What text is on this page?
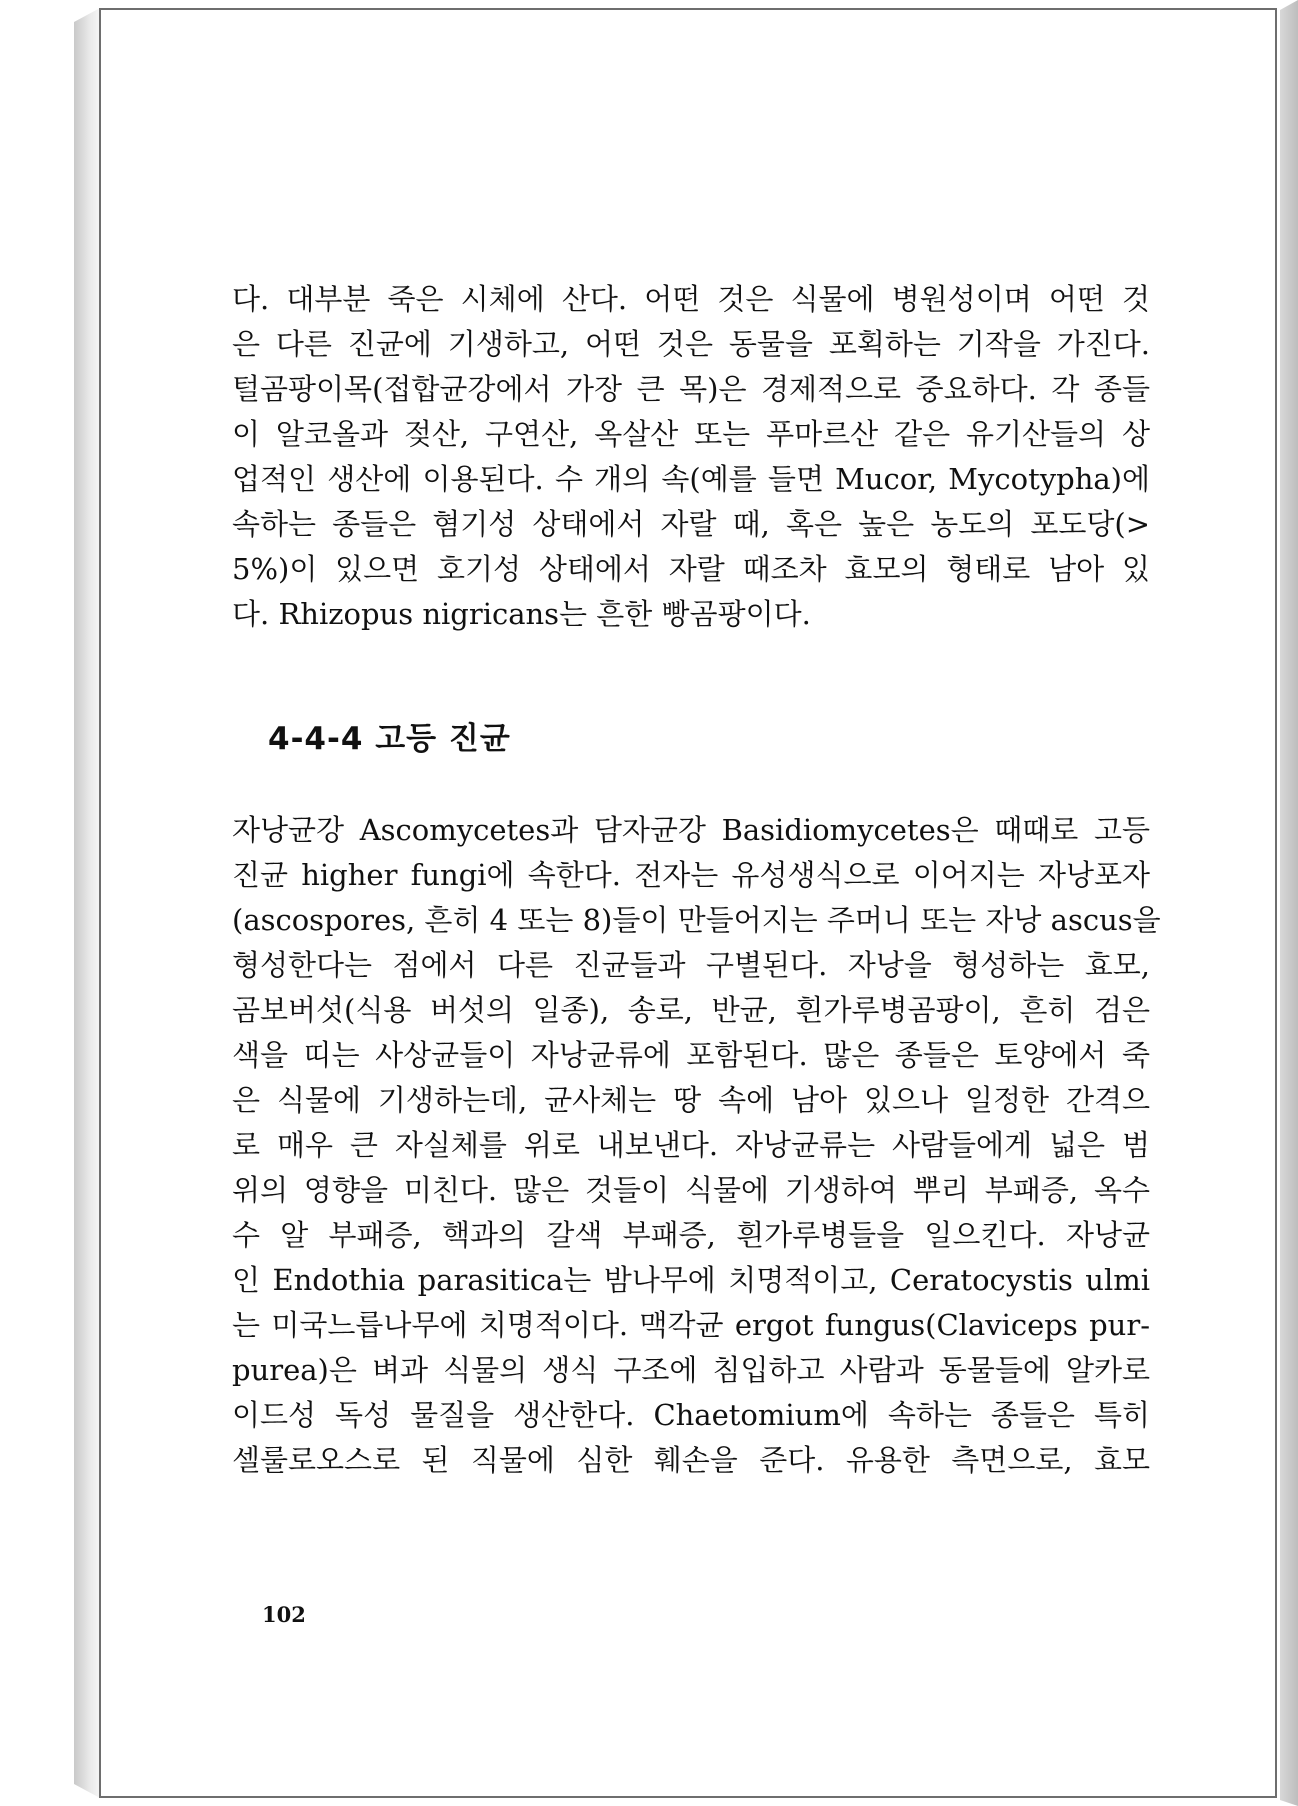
다. 대부분 죽은 시체에 산다. 어떤 것은 식물에 병원성이며 어떤 것
은 다른 진균에 기생하고, 어떤 것은 동물을 포획하는 기작을 가진다.
털곰팡이목(접합균강에서 가장 큰 목)은 경제적으로 중요하다. 각 종들
이 알코올과 젖산, 구연산, 옥살산 또는 푸마르산 같은 유기산들의 상
업적인 생산에 이용된다. 수 개의 속(예를 들면 Mucor, Mycotypha)에
속하는 종들은 혐기성 상태에서 자랄 때, 혹은 높은 농도의 포도당(>
5%)이 있으면 호기성 상태에서 자랄 때조차 효모의 형태로 남아 있
다. Rhizopus nigricans는 흔한 빵곰팡이다.
4-4-4 고등 진균
자낭균강 Ascomycetes과 담자균강 Basidiomycetes은 때때로 고등
진균 higher fungi에 속한다. 전자는 유성생식으로 이어지는 자낭포자
(ascospores, 흔히 4 또는 8)들이 만들어지는 주머니 또는 자낭 ascus을
형성한다는 점에서 다른 진균들과 구별된다. 자낭을 형성하는 효모,
곰보버섯(식용 버섯의 일종), 송로, 반균, 흰가루병곰팡이, 흔히 검은
색을 띠는 사상균들이 자낭균류에 포함된다. 많은 종들은 토양에서 죽
은 식물에 기생하는데, 균사체는 땅 속에 남아 있으나 일정한 간격으
로 매우 큰 자실체를 위로 내보낸다. 자낭균류는 사람들에게 넓은 범
위의 영향을 미친다. 많은 것들이 식물에 기생하여 뿌리 부패증, 옥수
수 알 부패증, 핵과의 갈색 부패증, 흰가루병들을 일으킨다. 자낭균
인 Endothia parasitica는 밤나무에 치명적이고, Ceratocystis ulmi
는 미국느릅나무에 치명적이다. 맥각균 ergot fungus(Claviceps pur-
purea)은 벼과 식물의 생식 구조에 침입하고 사람과 동물들에 알카로
이드성 독성 물질을 생산한다. Chaetomium에 속하는 종들은 특히
셀룰로오스로 된 직물에 심한 훼손을 준다. 유용한 측면으로, 효모
102
